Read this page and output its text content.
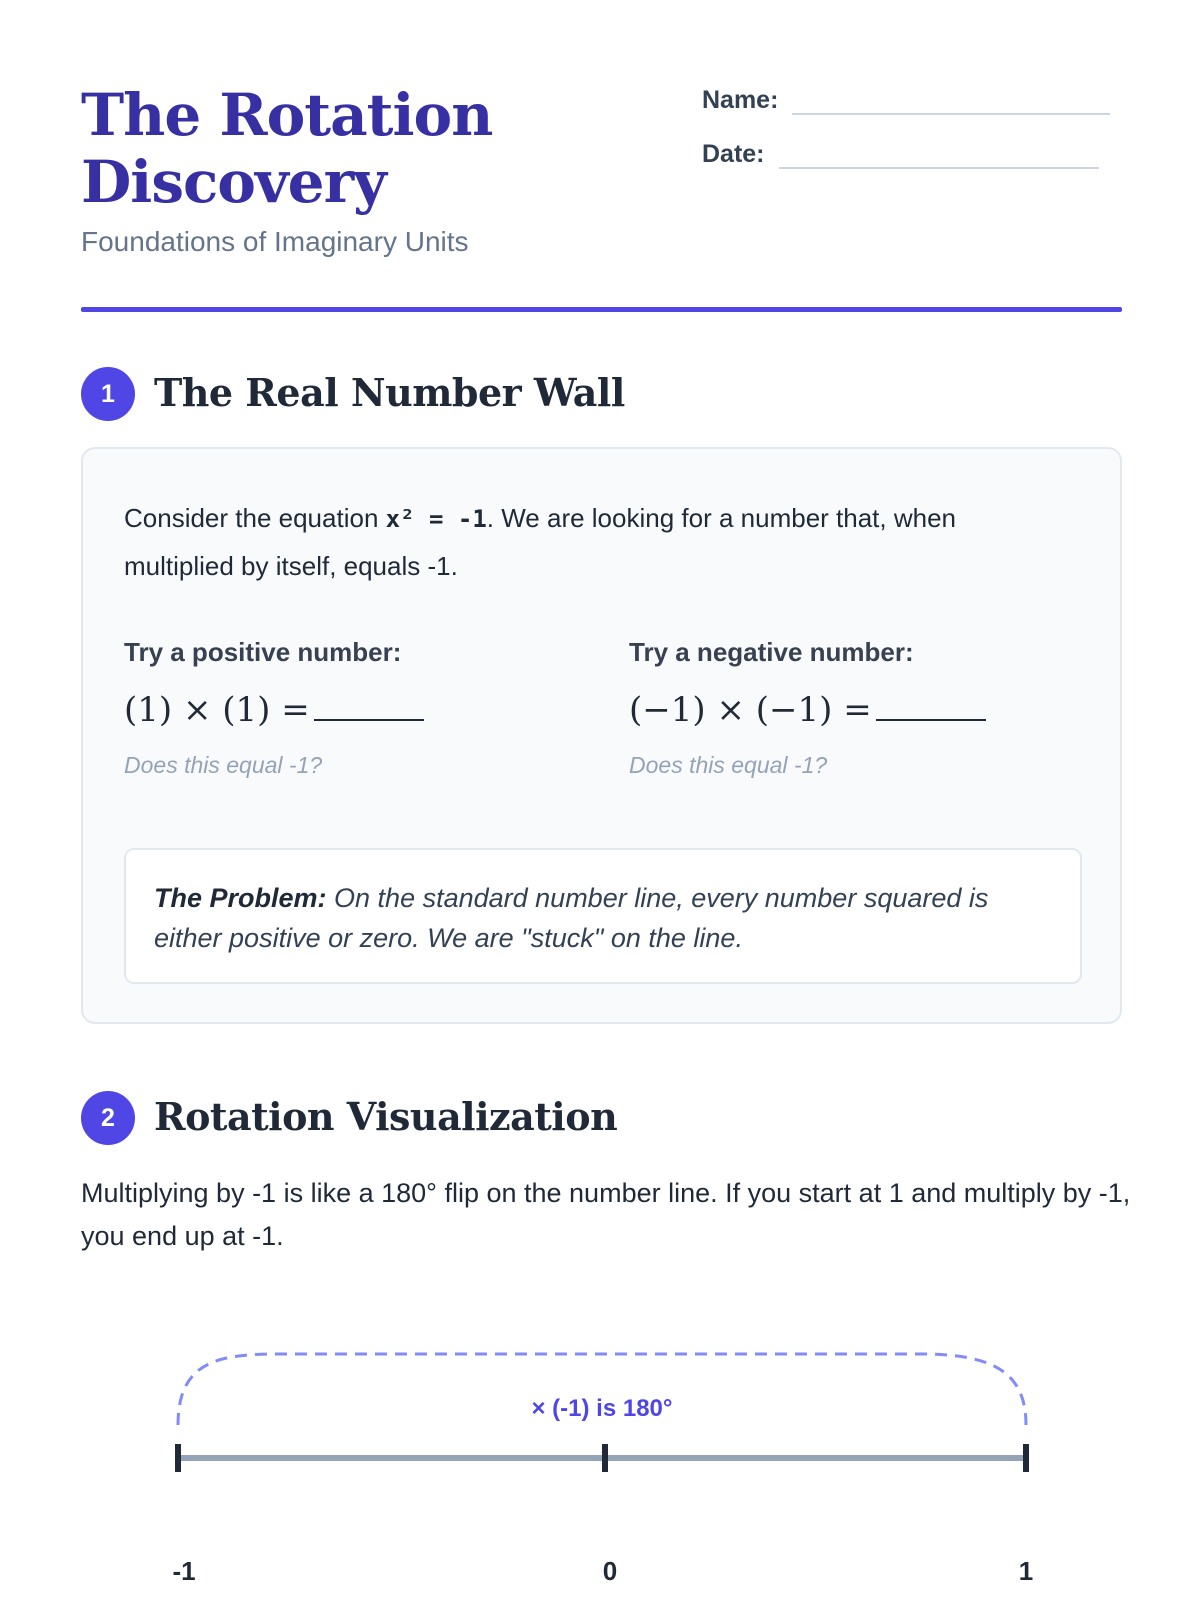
The Rotation Discovery
Foundations of Imaginary Units
Name:
Date:
1	The Real Number Wall
Consider the equation x² = -1. We are looking for a number that, when multiplied by itself, equals -1.
Try a positive number:
(1) × (1) =
Does this equal -1?
Try a negative number:
(−1) × (−1) =
Does this equal -1?
The Problem: On the standard number line, every number squared is either positive or zero. We are "stuck" on the line.
2	Rotation Visualization
Multiplying by -1 is like a 180° flip on the number line. If you start at 1 and multiply by -1, you end up at -1.
× (-1) is 180°
-1	0	1
